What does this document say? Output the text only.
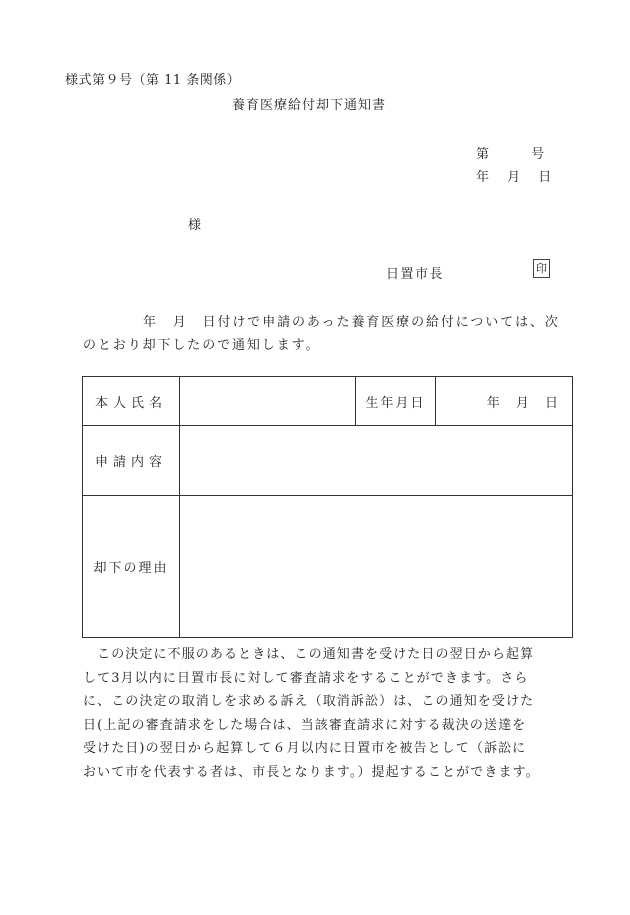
様式第９号（第 11 条関係）
養育医療給付却下通知書
第 号
年 月 日
様
日置市長	印
年　月　日付けで申請のあった養育医療の給付については、次
のとおり却下したので通知します。
本人氏名		生年月日	年 月 日
申請内容			
却下の理由			

　この決定に不服のあるときは、この通知書を受けた日の翌日から起算

して3月以内に日置市長に対して審査請求をすることができます。さら

に、この決定の取消しを求める訴え（取消訴訟）は、この通知を受けた

日(上記の審査請求をした場合は、当該審査請求に対する裁決の送達を

受けた日)の翌日から起算して６月以内に日置市を被告として（訴訟に

おいて市を代表する者は、市長となります。）提起することができます。
